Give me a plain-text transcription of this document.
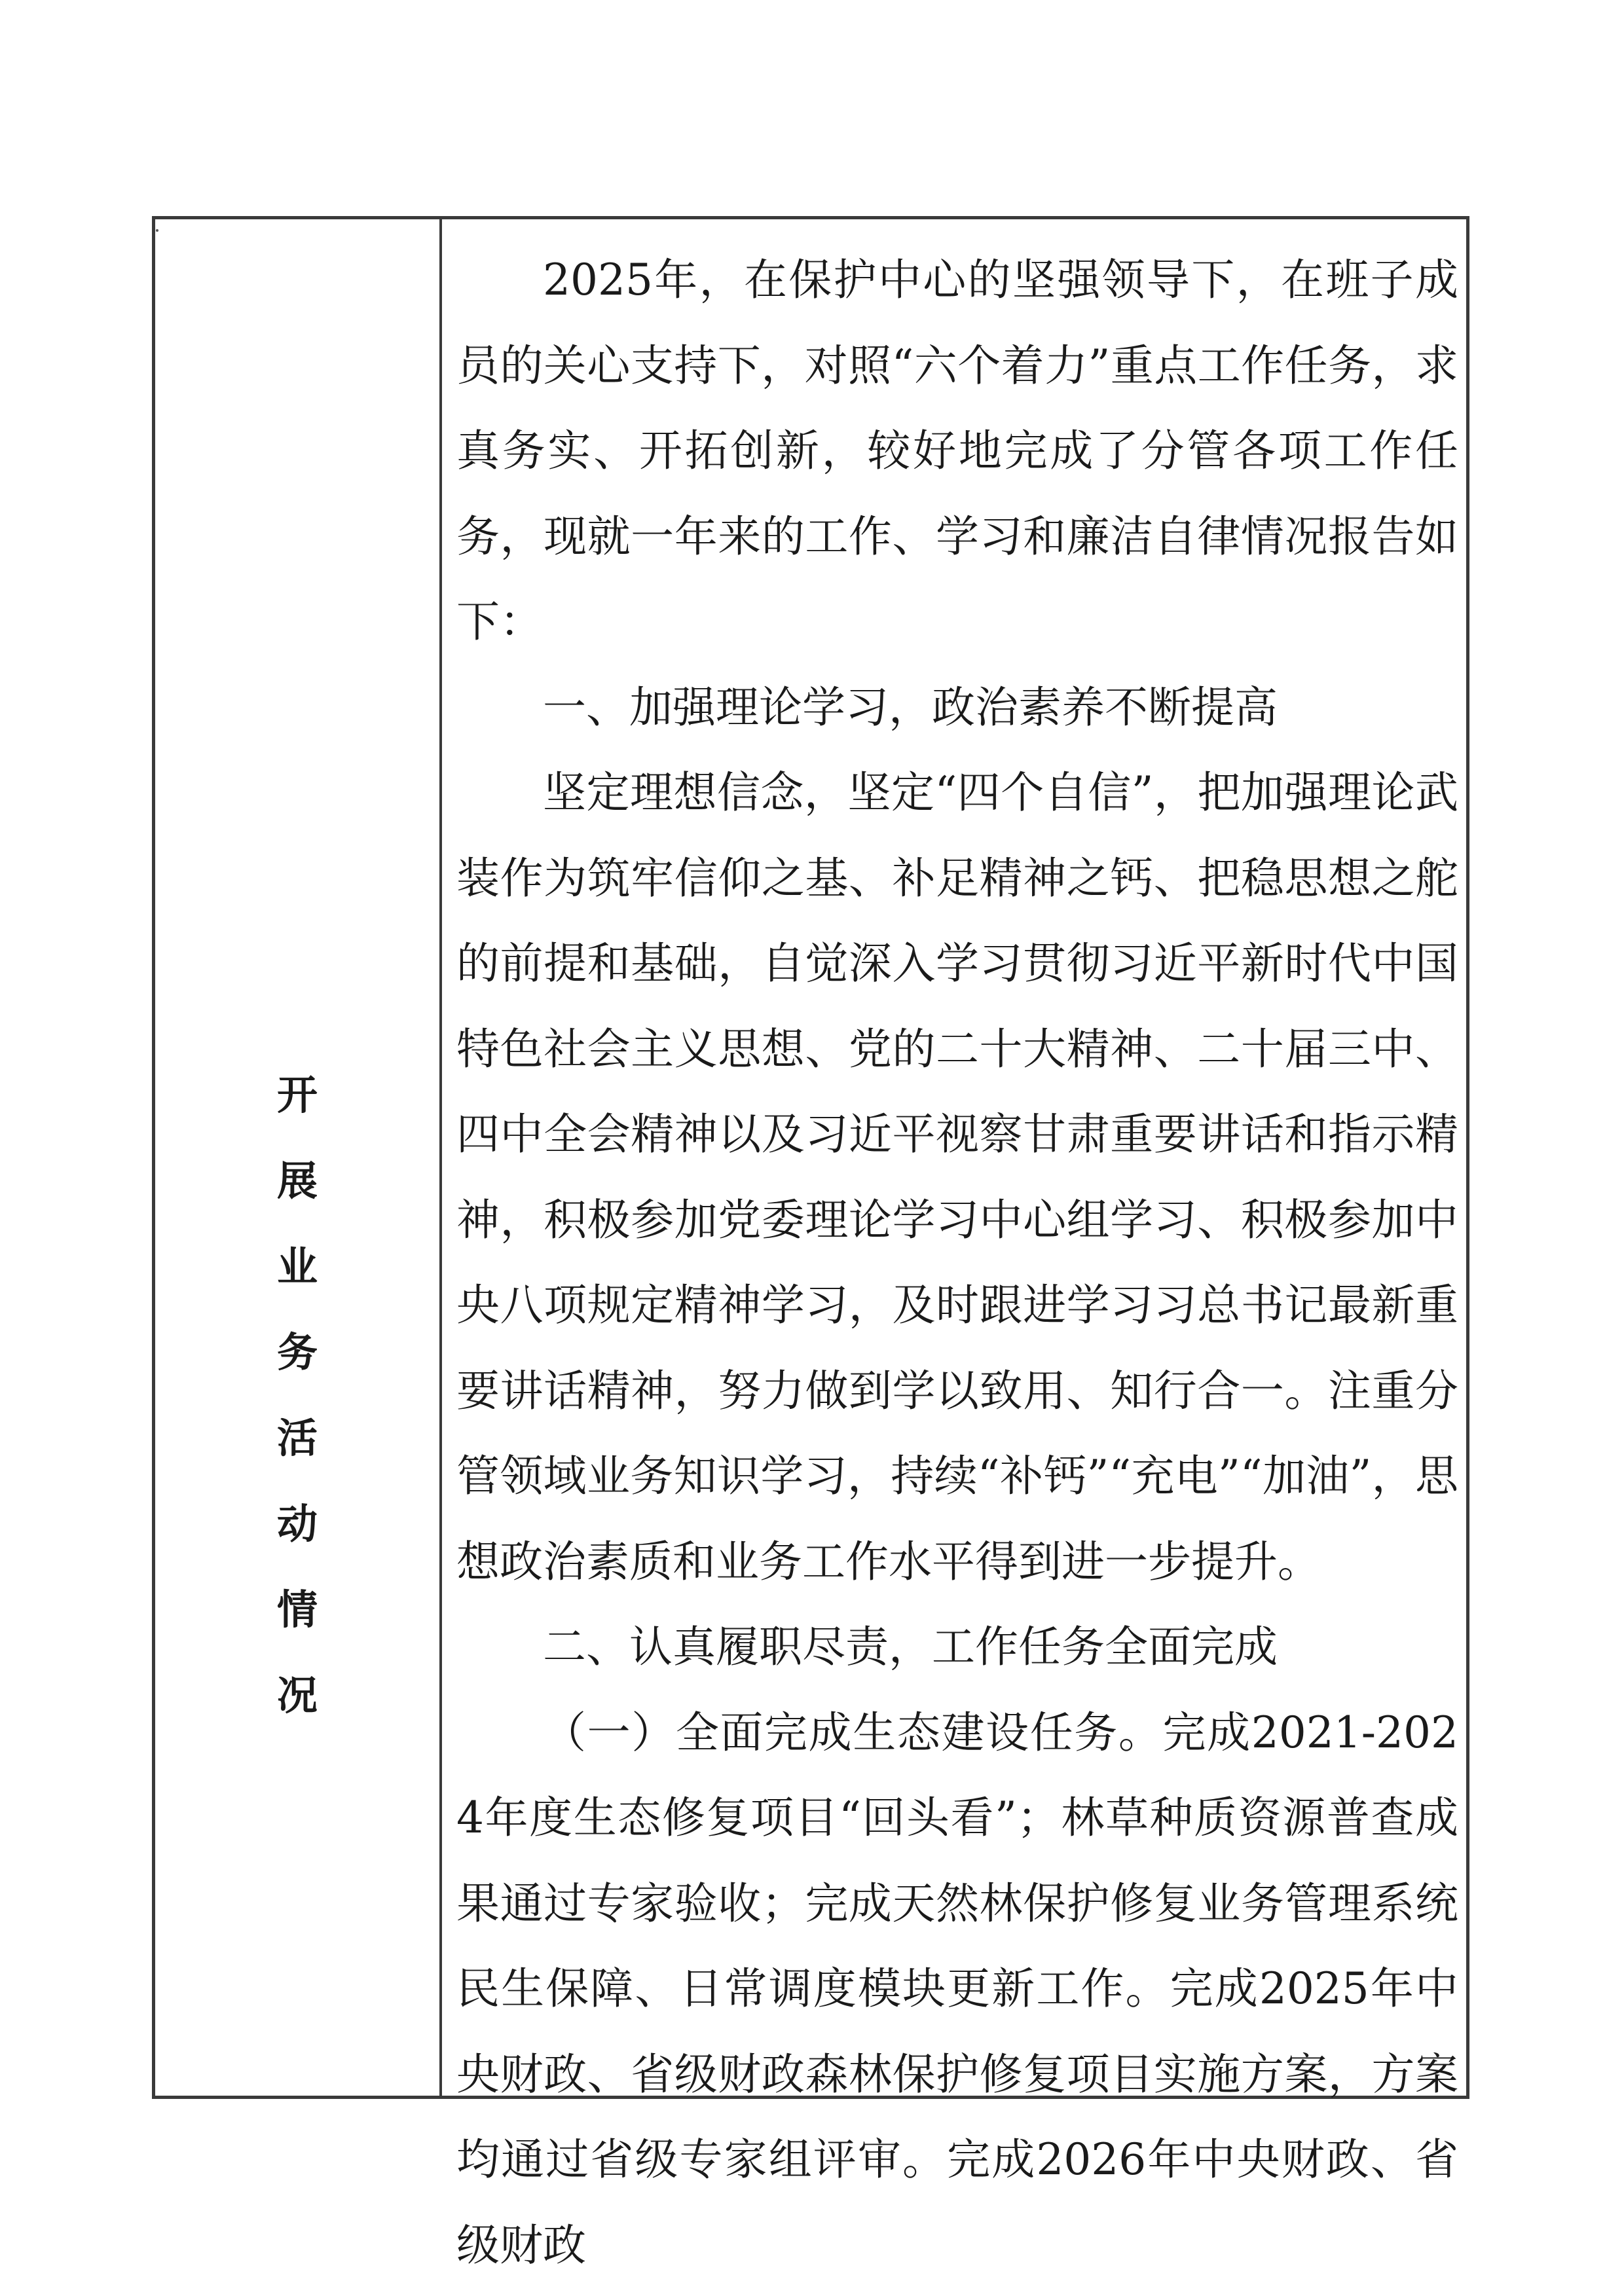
开
展
业
务
活
动
情
况

2025年，在保护中心的坚强领导下，在班子成员的关心支持下，对照“六个着力”重点工作任务，求真务实、开拓创新，较好地完成了分管各项工作任务，现就一年来的工作、学习和廉洁自律情况报告如下：

一、加强理论学习，政治素养不断提高

坚定理想信念，坚定“四个自信”，把加强理论武装作为筑牢信仰之基、补足精神之钙、把稳思想之舵的前提和基础，自觉深入学习贯彻习近平新时代中国特色社会主义思想、党的二十大精神、二十届三中、四中全会精神以及习近平视察甘肃重要讲话和指示精神，积极参加党委理论学习中心组学习、积极参加中央八项规定精神学习，及时跟进学习习总书记最新重要讲话精神，努力做到学以致用、知行合一。注重分管领域业务知识学习，持续“补钙”“充电”“加油”，思想政治素质和业务工作水平得到进一步提升。

二、认真履职尽责，工作任务全面完成

（一）全面完成生态建设任务。完成2021-2024年度生态修复项目“回头看”；林草种质资源普查成果通过专家验收；完成天然林保护修复业务管理系统民生保障、日常调度模块更新工作。完成2025年中央财政、省级财政森林保护修复项目实施方案，方案均通过省级专家组评审。完成2026年中央财政、省级财政
